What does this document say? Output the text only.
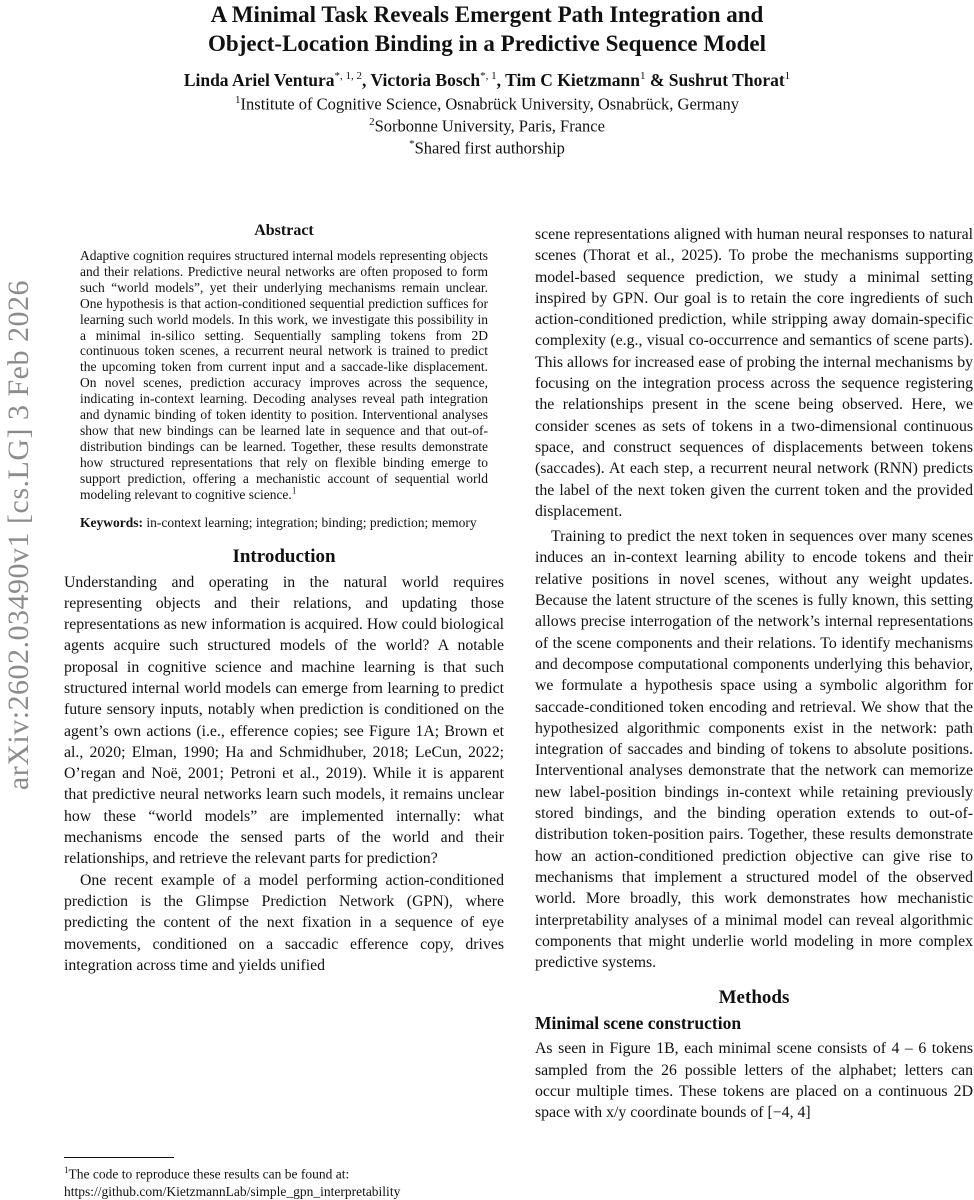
arXiv:2602.03490v1 [cs.LG] 3 Feb 2026
A Minimal Task Reveals Emergent Path Integration and
Object-Location Binding in a Predictive Sequence Model
Linda Ariel Ventura$^{*, 1, 2}$, Victoria Bosch$^{*, 1}$, Tim C Kietzmann$^1$ & Sushrut Thorat$^1$
$^1$Institute of Cognitive Science, Osnabrück University, Osnabrück, Germany
$^2$Sorbonne University, Paris, France
*Shared first authorship
Abstract

Adaptive cognition requires structured internal models representing objects and their relations. Predictive neural networks are often proposed to form such “world models”, yet their underlying mechanisms remain unclear. One hypothesis is that action-conditioned sequential prediction suffices for learning such world models. In this work, we investigate this possibility in a minimal in-silico setting. Sequentially sampling tokens from 2D continuous token scenes, a recurrent neural network is trained to predict the upcoming token from current input and a saccade-like displacement. On novel scenes, prediction accuracy improves across the sequence, indicating in-context learning. Decoding analyses reveal path integration and dynamic binding of token identity to position. Interventional analyses show that new bindings can be learned late in sequence and that out-of-distribution bindings can be learned. Together, these results demonstrate how structured representations that rely on flexible binding emerge to support prediction, offering a mechanistic account of sequential world modeling relevant to cognitive science.$^1$

Keywords: in-context learning; integration; binding; prediction; memory

Introduction

Understanding and operating in the natural world requires representing objects and their relations, and updating those representations as new information is acquired. How could biological agents acquire such structured models of the world? A notable proposal in cognitive science and machine learning is that such structured internal world models can emerge from learning to predict future sensory inputs, notably when prediction is conditioned on the agent’s own actions (i.e., efference copies; see Figure 1A; Brown et al., 2020; Elman, 1990; Ha and Schmidhuber, 2018; LeCun, 2022; O’regan and Noë, 2001; Petroni et al., 2019). While it is apparent that predictive neural networks learn such models, it remains unclear how these “world models” are implemented internally: what mechanisms encode the sensed parts of the world and their relationships, and retrieve the relevant parts for prediction?

One recent example of a model performing action-conditioned prediction is the Glimpse Prediction Network (GPN), where predicting the content of the next fixation in a sequence of eye movements, conditioned on a saccadic efference copy, drives integration across time and yields unified

scene representations aligned with human neural responses to natural scenes (Thorat et al., 2025). To probe the mechanisms supporting model-based sequence prediction, we study a minimal setting inspired by GPN. Our goal is to retain the core ingredients of such action-conditioned prediction, while stripping away domain-specific complexity (e.g., visual co-occurrence and semantics of scene parts). This allows for increased ease of probing the internal mechanisms by focusing on the integration process across the sequence registering the relationships present in the scene being observed. Here, we consider scenes as sets of tokens in a two-dimensional continuous space, and construct sequences of displacements between tokens (saccades). At each step, a recurrent neural network (RNN) predicts the label of the next token given the current token and the provided displacement.

Training to predict the next token in sequences over many scenes induces an in-context learning ability to encode tokens and their relative positions in novel scenes, without any weight updates. Because the latent structure of the scenes is fully known, this setting allows precise interrogation of the network’s internal representations of the scene components and their relations. To identify mechanisms and decompose computational components underlying this behavior, we formulate a hypothesis space using a symbolic algorithm for saccade-conditioned token encoding and retrieval. We show that the hypothesized algorithmic components exist in the network: path integration of saccades and binding of tokens to absolute positions. Interventional analyses demonstrate that the network can memorize new label-position bindings in-context while retaining previously stored bindings, and the binding operation extends to out-of-distribution token-position pairs. Together, these results demonstrate how an action-conditioned prediction objective can give rise to mechanisms that implement a structured model of the observed world. More broadly, this work demonstrates how mechanistic interpretability analyses of a minimal model can reveal algorithmic components that might underlie world modeling in more complex predictive systems.

Methods
Minimal scene construction

As seen in Figure 1B, each minimal scene consists of 4 – 6 tokens sampled from the 26 possible letters of the alphabet; letters can occur multiple times. These tokens are placed on a continuous 2D space with x/y coordinate bounds of [−4, 4]

$^1$The code to reproduce these results can be found at:
https://github.com/KietzmannLab/simple_gpn_interpretability
